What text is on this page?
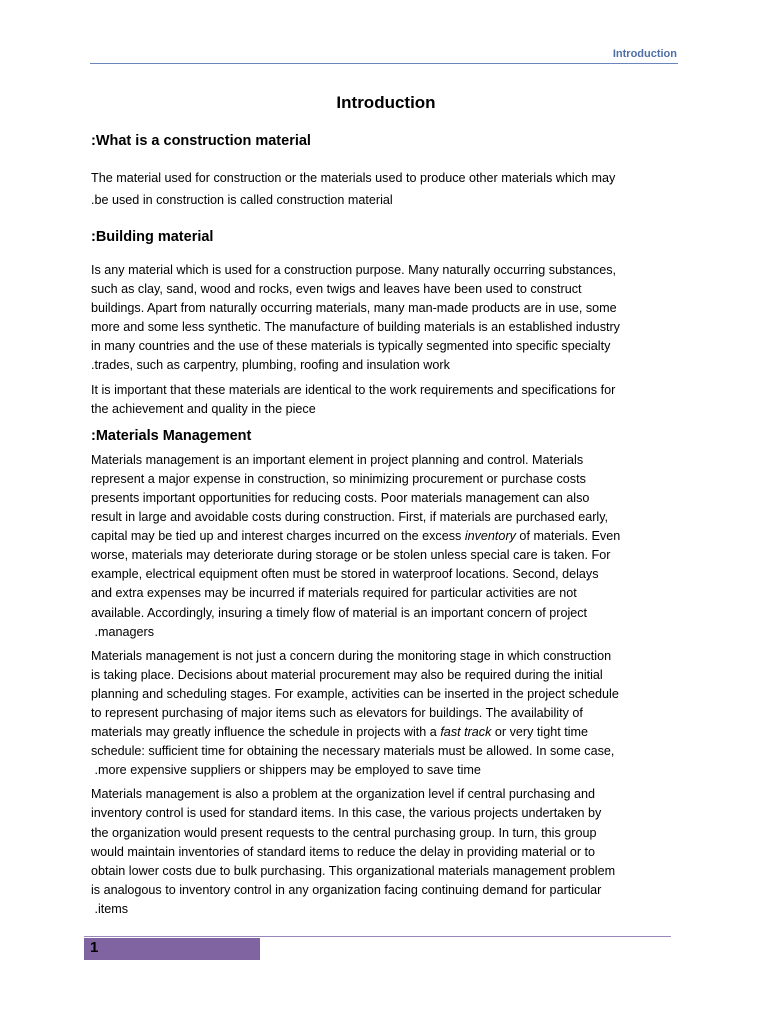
Introduction
Introduction
:What is a construction material
The material used for construction or the materials used to produce other materials which may
.be used in construction is called construction material
:Building material
Is any material which is used for a construction purpose. Many naturally occurring substances,
such as clay, sand, wood and rocks, even twigs and leaves have been used to construct
buildings. Apart from naturally occurring materials, many man-made products are in use, some
more and some less synthetic. The manufacture of building materials is an established industry
in many countries and the use of these materials is typically segmented into specific specialty
.trades, such as carpentry, plumbing, roofing and insulation work
It is important that these materials are identical to the work requirements and specifications for
the achievement and quality in the piece
:Materials Management
Materials management is an important element in project planning and control. Materials
represent a major expense in construction, so minimizing procurement or purchase costs
presents important opportunities for reducing costs. Poor materials management can also
result in large and avoidable costs during construction. First, if materials are purchased early,
capital may be tied up and interest charges incurred on the excess inventory of materials. Even
worse, materials may deteriorate during storage or be stolen unless special care is taken. For
example, electrical equipment often must be stored in waterproof locations. Second, delays
and extra expenses may be incurred if materials required for particular activities are not
available. Accordingly, insuring a timely flow of material is an important concern of project
.managers
Materials management is not just a concern during the monitoring stage in which construction
is taking place. Decisions about material procurement may also be required during the initial
planning and scheduling stages. For example, activities can be inserted in the project schedule
to represent purchasing of major items such as elevators for buildings. The availability of
materials may greatly influence the schedule in projects with a fast track or very tight time
schedule: sufficient time for obtaining the necessary materials must be allowed. In some case,
.more expensive suppliers or shippers may be employed to save time
Materials management is also a problem at the organization level if central purchasing and
inventory control is used for standard items. In this case, the various projects undertaken by
the organization would present requests to the central purchasing group. In turn, this group
would maintain inventories of standard items to reduce the delay in providing material or to
obtain lower costs due to bulk purchasing. This organizational materials management problem
is analogous to inventory control in any organization facing continuing demand for particular
.items
1
